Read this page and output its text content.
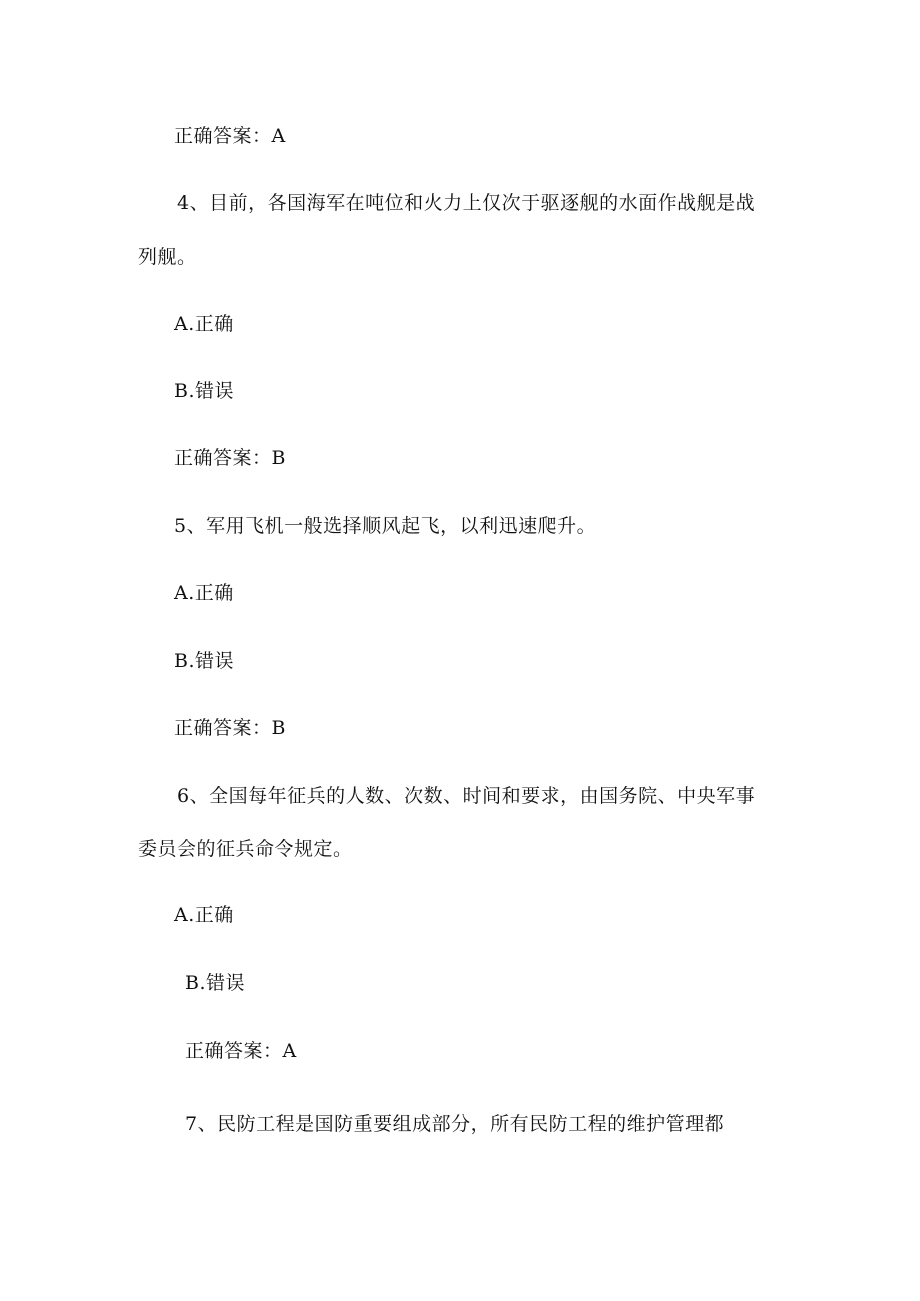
正确答案：A
4、目前，各国海军在吨位和火力上仅次于驱逐舰的水面作战舰是战
列舰。
A.正确
B.错误
正确答案：B
5、军用飞机一般选择顺风起飞，以利迅速爬升。
A.正确
B.错误
正确答案：B
6、全国每年征兵的人数、次数、时间和要求，由国务院、中央军事
委员会的征兵命令规定。
A.正确
B.错误
正确答案：A
7、民防工程是国防重要组成部分，所有民防工程的维护管理都
